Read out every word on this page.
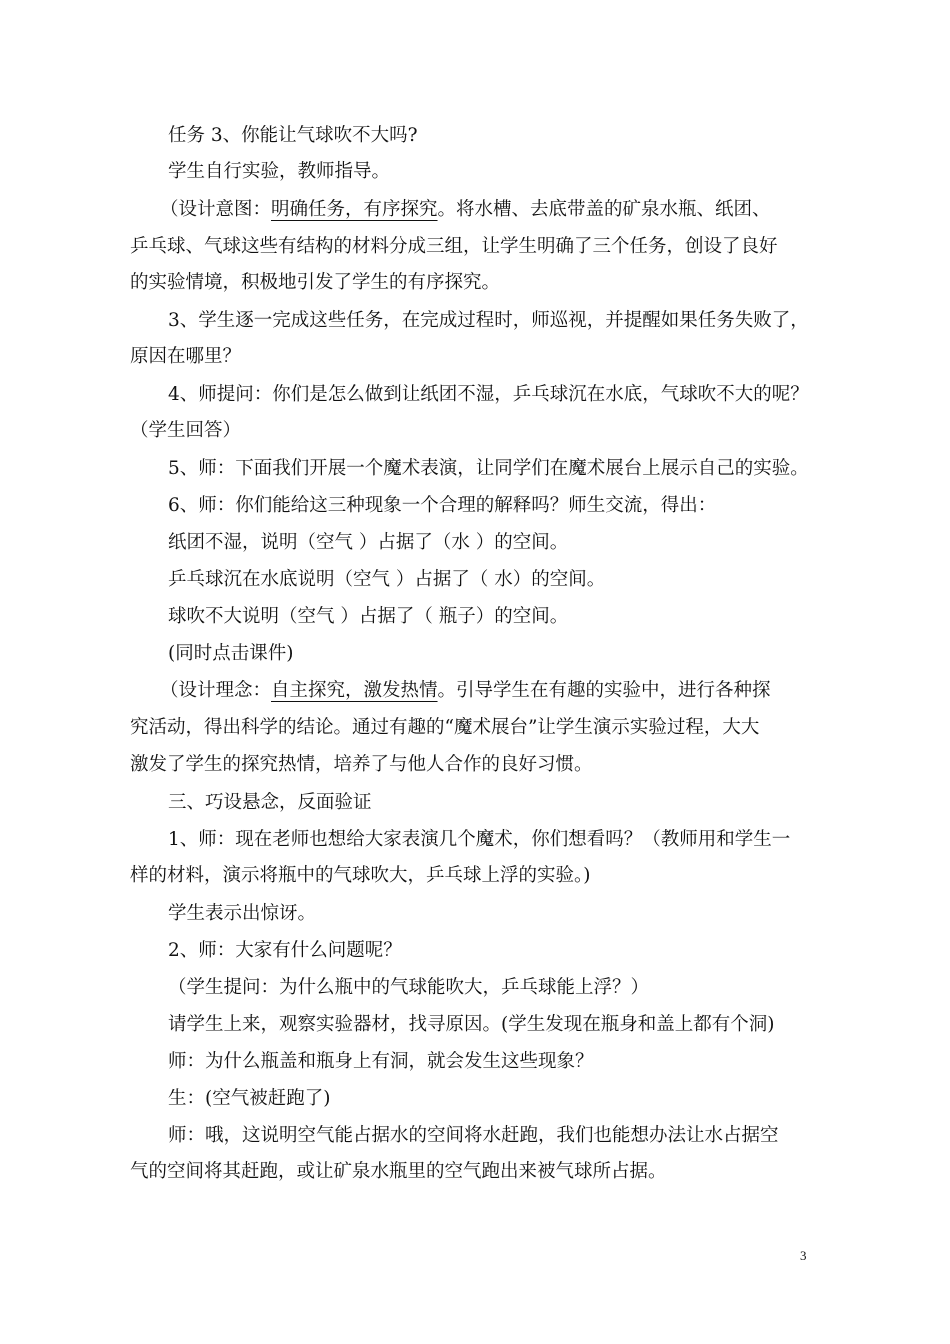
任务 3、你能让气球吹不大吗?
学生自行实验，教师指导。
（设计意图：明确任务，有序探究。将水槽、去底带盖的矿泉水瓶、纸团、
乒乓球、气球这些有结构的材料分成三组，让学生明确了三个任务，创设了良好
的实验情境，积极地引发了学生的有序探究。
3、学生逐一完成这些任务，在完成过程时，师巡视，并提醒如果任务失败了，
原因在哪里？
4、师提问：你们是怎么做到让纸团不湿，乒乓球沉在水底，气球吹不大的呢？
（学生回答）
5、师：下面我们开展一个魔术表演，让同学们在魔术展台上展示自己的实验。
6、师：你们能给这三种现象一个合理的解释吗？师生交流，得出：
纸团不湿，说明（空气 ）占据了（水 ）的空间。
乒乓球沉在水底说明（空气 ）占据了（ 水）的空间。
球吹不大说明（空气 ）占据了（ 瓶子）的空间。
(同时点击课件)
（设计理念：自主探究，激发热情。引导学生在有趣的实验中，进行各种探
究活动，得出科学的结论。通过有趣的“魔术展台”让学生演示实验过程，大大
激发了学生的探究热情，培养了与他人合作的良好习惯。
三、巧设悬念，反面验证
1、师：现在老师也想给大家表演几个魔术，你们想看吗？（教师用和学生一
样的材料，演示将瓶中的气球吹大，乒乓球上浮的实验。)
学生表示出惊讶。
2、师：大家有什么问题呢？
（学生提问：为什么瓶中的气球能吹大，乒乓球能上浮？）
请学生上来，观察实验器材，找寻原因。(学生发现在瓶身和盖上都有个洞)
师：为什么瓶盖和瓶身上有洞，就会发生这些现象？
生：(空气被赶跑了)
师：哦，这说明空气能占据水的空间将水赶跑，我们也能想办法让水占据空
气的空间将其赶跑，或让矿泉水瓶里的空气跑出来被气球所占据。
3
